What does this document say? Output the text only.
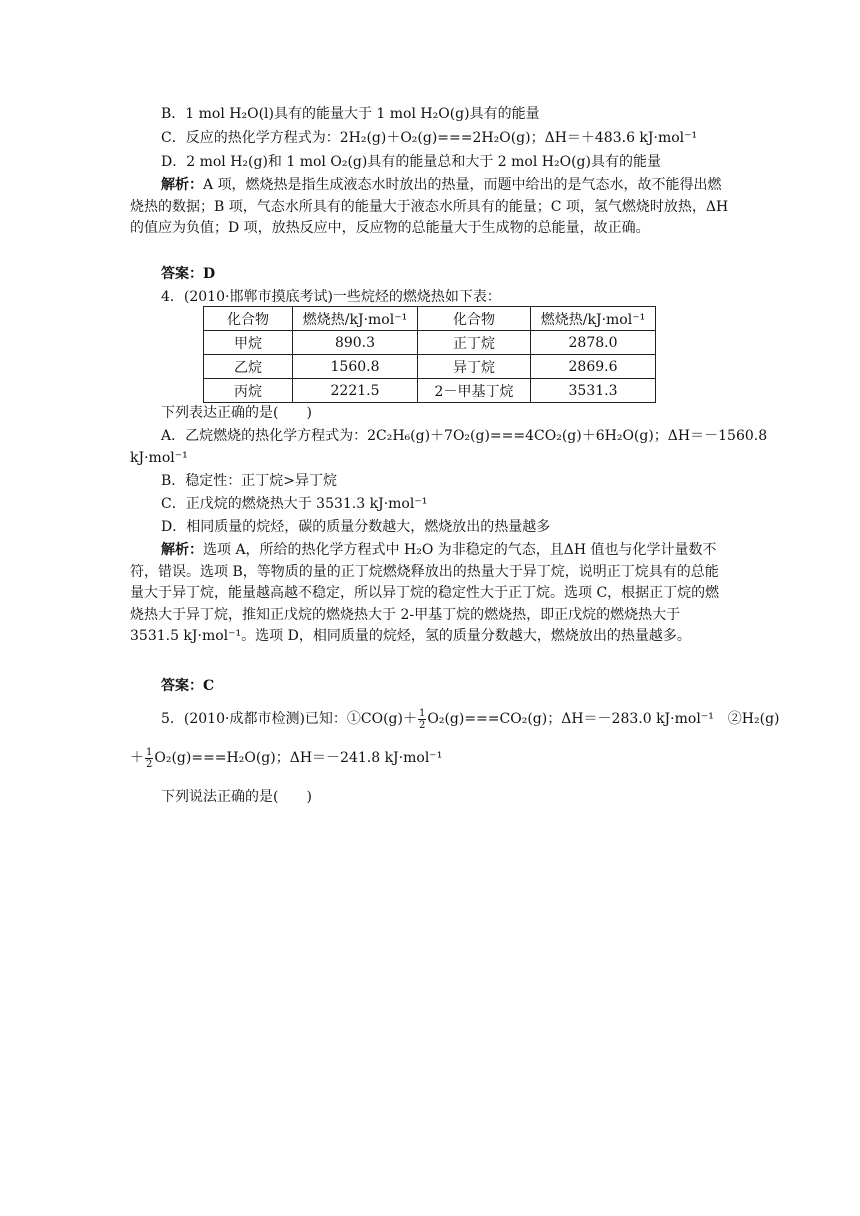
B．1 mol H₂O(l)具有的能量大于 1 mol H₂O(g)具有的能量
C．反应的热化学方程式为：2H₂(g)＋O₂(g)===2H₂O(g)；ΔH＝＋483.6 kJ·mol⁻¹
D．2 mol H₂(g)和 1 mol O₂(g)具有的能量总和大于 2 mol H₂O(g)具有的能量
解析：A 项，燃烧热是指生成液态水时放出的热量，而题中给出的是气态水，故不能得出燃烧热的数据；B 项，气态水所具有的能量大于液态水所具有的能量；C 项，氢气燃烧时放热，ΔH 的值应为负值；D 项，放热反应中，反应物的总能量大于生成物的总能量，故正确。
答案：D
4．(2010·邯郸市摸底考试)一些烷烃的燃烧热如下表：
化合物	燃烧热/kJ·mol⁻¹	化合物	燃烧热/kJ·mol⁻¹
甲烷	890.3	正丁烷	2878.0
乙烷	1560.8	异丁烷	2869.6
丙烷	2221.5	2－甲基丁烷	3531.3
下列表达正确的是(　　)
A．乙烷燃烧的热化学方程式为：2C₂H₆(g)＋7O₂(g)===4CO₂(g)＋6H₂O(g)；ΔH＝－1560.8
kJ·mol⁻¹
B．稳定性：正丁烷>异丁烷
C．正戊烷的燃烧热大于 3531.3 kJ·mol⁻¹
D．相同质量的烷烃，碳的质量分数越大，燃烧放出的热量越多
解析：选项 A，所给的热化学方程式中 H₂O 为非稳定的气态，且ΔH 值也与化学计量数不符，错误。选项 B，等物质的量的正丁烷燃烧释放出的热量大于异丁烷，说明正丁烷具有的总能量大于异丁烷，能量越高越不稳定，所以异丁烷的稳定性大于正丁烷。选项 C，根据正丁烷的燃烧热大于异丁烷，推知正戊烷的燃烧热大于 2-甲基丁烷的燃烧热，即正戊烷的燃烧热大于 3531.5 kJ·mol⁻¹。选项 D，相同质量的烷烃，氢的质量分数越大，燃烧放出的热量越多。
答案：C
5．(2010·成都市检测)已知：①CO(g)＋ $\frac{1}{2} O_2(g)===CO_2(g)$；ΔH＝－283.0 kJ·mol⁻¹　②H₂(g)
＋ $\frac{1}{2} O_2(g)===H_2O(g)$；ΔH＝－241.8 kJ·mol⁻¹
下列说法正确的是(　　)
